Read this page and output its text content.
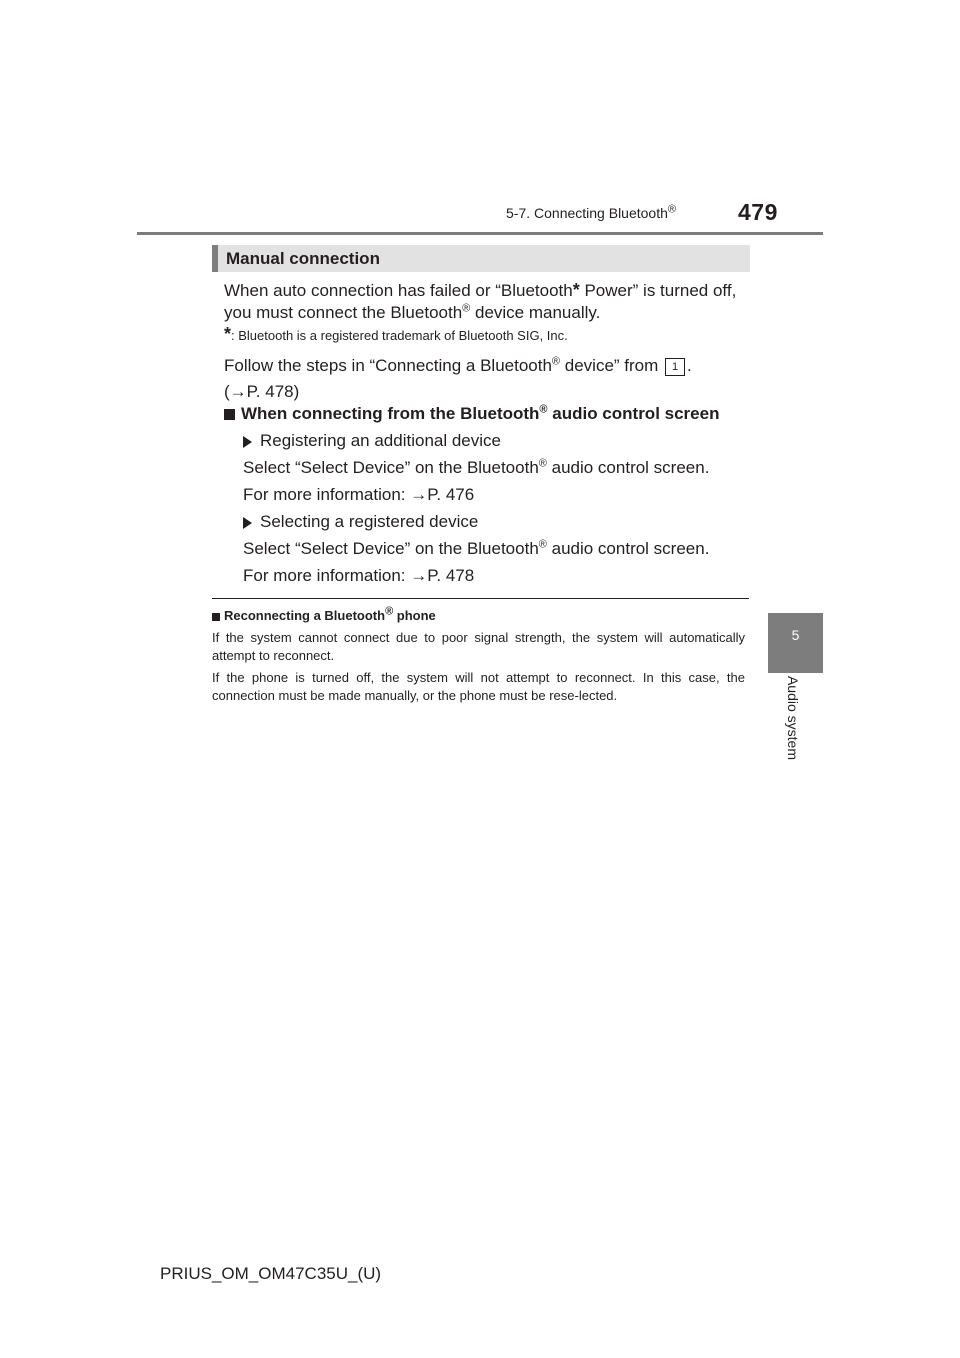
5-7. Connecting Bluetooth®	479
5
Audio system
Manual connection
When auto connection has failed or “Bluetooth* Power” is turned off,
you must connect the Bluetooth® device manually.
*: Bluetooth is a registered trademark of Bluetooth SIG, Inc.
Follow the steps in “Connecting a Bluetooth® device” from 1 .
(→P. 478)
When connecting from the Bluetooth® audio control screen
Registering an additional device
Select “Select Device” on the Bluetooth® audio control screen.
For more information: →P. 476
Selecting a registered device
Select “Select Device” on the Bluetooth® audio control screen.
For more information: →P. 478
Reconnecting a Bluetooth® phone
If the system cannot connect due to poor signal strength, the system will automatically attempt to reconnect.
If the phone is turned off, the system will not attempt to reconnect. In this case, the connection must be made manually, or the phone must be rese-lected.
PRIUS_OM_OM47C35U_(U)
